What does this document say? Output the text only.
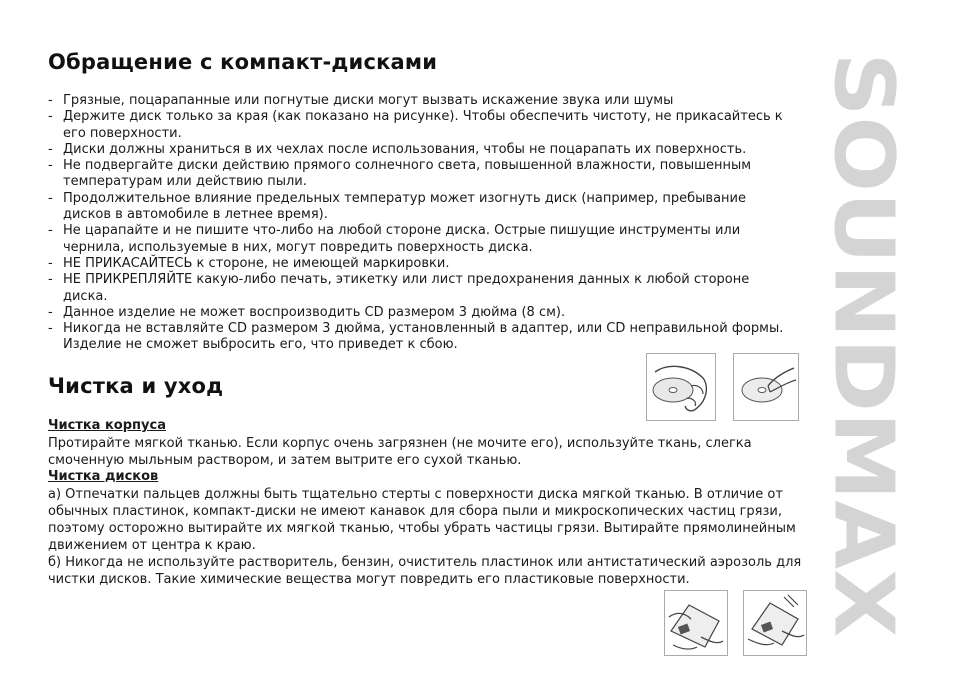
Обращение с компакт-дисками
- Грязные, поцарапанные или погнутые диски могут вызвать искажение звука или шумы
- Держите диск только за края (как показано на рисунке). Чтобы обеспечить чистоту, не прикасайтесь к его поверхности.
- Диски должны храниться в их чехлах после использования, чтобы не поцарапать их поверхность.
- Не подвергайте диски действию прямого солнечного света, повышенной влажности, повышенным температурам или действию пыли.
- Продолжительное влияние предельных температур может изогнуть диск (например, пребывание дисков в автомобиле в летнее время).
- Не царапайте и не пишите что-либо на любой стороне диска. Острые пишущие инструменты или чернила, используемые в них, могут повредить поверхность диска.
- НЕ ПРИКАСАЙТЕСЬ к стороне, не имеющей маркировки.
- НЕ ПРИКРЕПЛЯЙТЕ какую-либо печать, этикетку или лист предохранения данных к любой стороне диска.
- Данное изделие не может воспроизводить CD размером 3 дюйма (8 см).
- Никогда не вставляйте CD размером 3 дюйма, установленный в адаптер, или CD неправильной формы. Изделие не сможет выбросить его, что приведет к сбою.
Чистка и уход

Чистка корпуса

Протирайте мягкой тканью. Если корпус очень загрязнен (не мочите его), используйте ткань, слегка смоченную мыльным раствором, и затем вытрите его сухой тканью.

Чистка дисков

а) Отпечатки пальцев должны быть тщательно стерты с поверхности диска мягкой тканью. В отличие от обычных пластинок, компакт-диски не имеют канавок для сбора пыли и микроскопических частиц грязи, поэтому осторожно вытирайте их мягкой тканью, чтобы убрать частицы грязи. Вытирайте прямолинейным движением от центра к краю.

б) Никогда не используйте растворитель, бензин, очиститель пластинок или антистатический аэрозоль для чистки дисков. Такие химические вещества могут повредить его пластиковые поверхности.	SOUNDMAX
